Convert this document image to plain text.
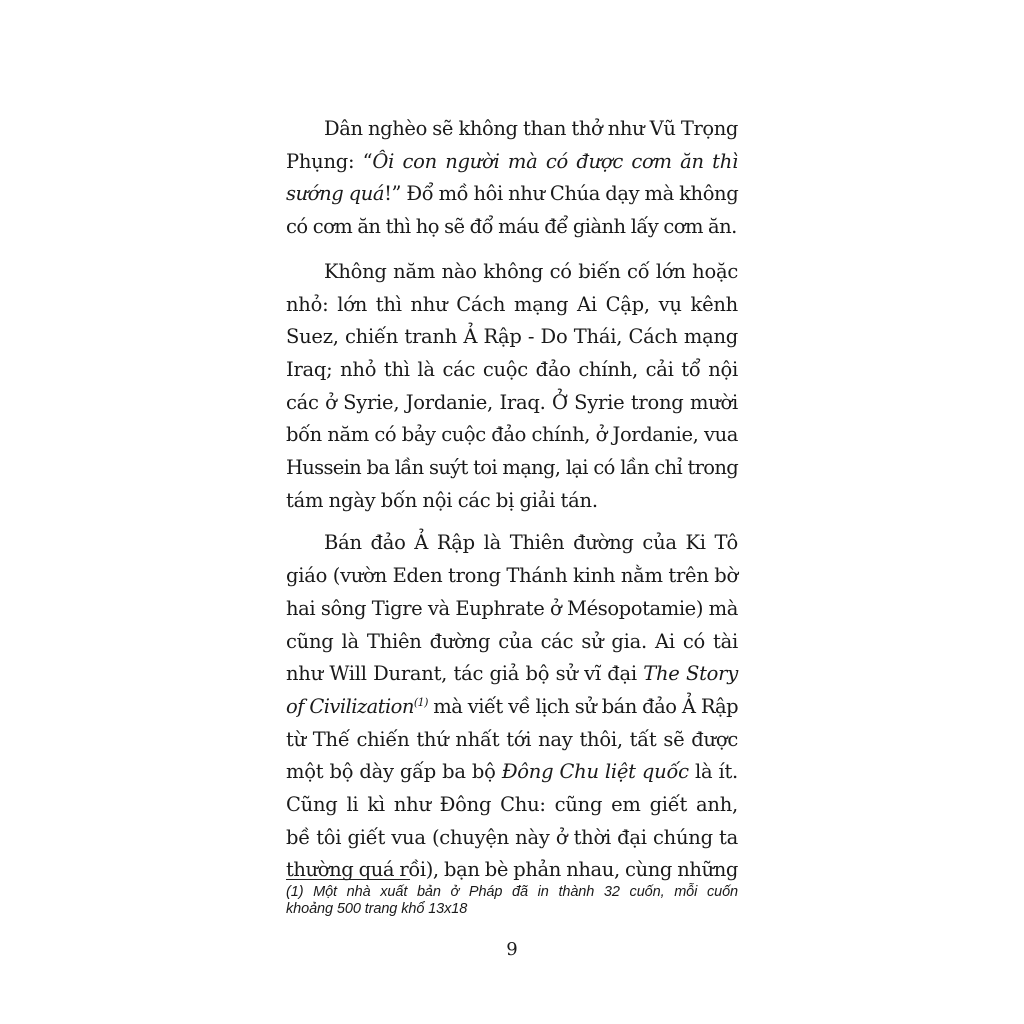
Dân nghèo sẽ không than thở như Vũ Trọng
Phụng: “Ôi con người mà có được cơm ăn thì
sướng quá!” Đổ mồ hôi như Chúa dạy mà không
có cơm ăn thì họ sẽ đổ máu để giành lấy cơm ăn.

Không năm nào không có biến cố lớn hoặc
nhỏ: lớn thì như Cách mạng Ai Cập, vụ kênh
Suez, chiến tranh Ả Rập - Do Thái, Cách mạng
Iraq; nhỏ thì là các cuộc đảo chính, cải tổ nội
các ở Syrie, Jordanie, Iraq. Ở Syrie trong mười
bốn năm có bảy cuộc đảo chính, ở Jordanie, vua
Hussein ba lần suýt toi mạng, lại có lần chỉ trong
tám ngày bốn nội các bị giải tán.

Bán đảo Ả Rập là Thiên đường của Ki Tô
giáo (vườn Eden trong Thánh kinh nằm trên bờ
hai sông Tigre và Euphrate ở Mésopotamie) mà
cũng là Thiên đường của các sử gia. Ai có tài
như Will Durant, tác giả bộ sử vĩ đại The Story
of Civilization$^{(1)}$ mà viết về lịch sử bán đảo Ả Rập
từ Thế chiến thứ nhất tới nay thôi, tất sẽ được
một bộ dày gấp ba bộ Đông Chu liệt quốc là ít.
Cũng li kì như Đông Chu: cũng em giết anh,
bề tôi giết vua (chuyện này ở thời đại chúng ta
thường quá rồi), bạn bè phản nhau, cùng những

(1) Một nhà xuất bản ở Pháp đã in thành 32 cuốn, mỗi cuốn
khoảng 500 trang khổ 13x18
9
